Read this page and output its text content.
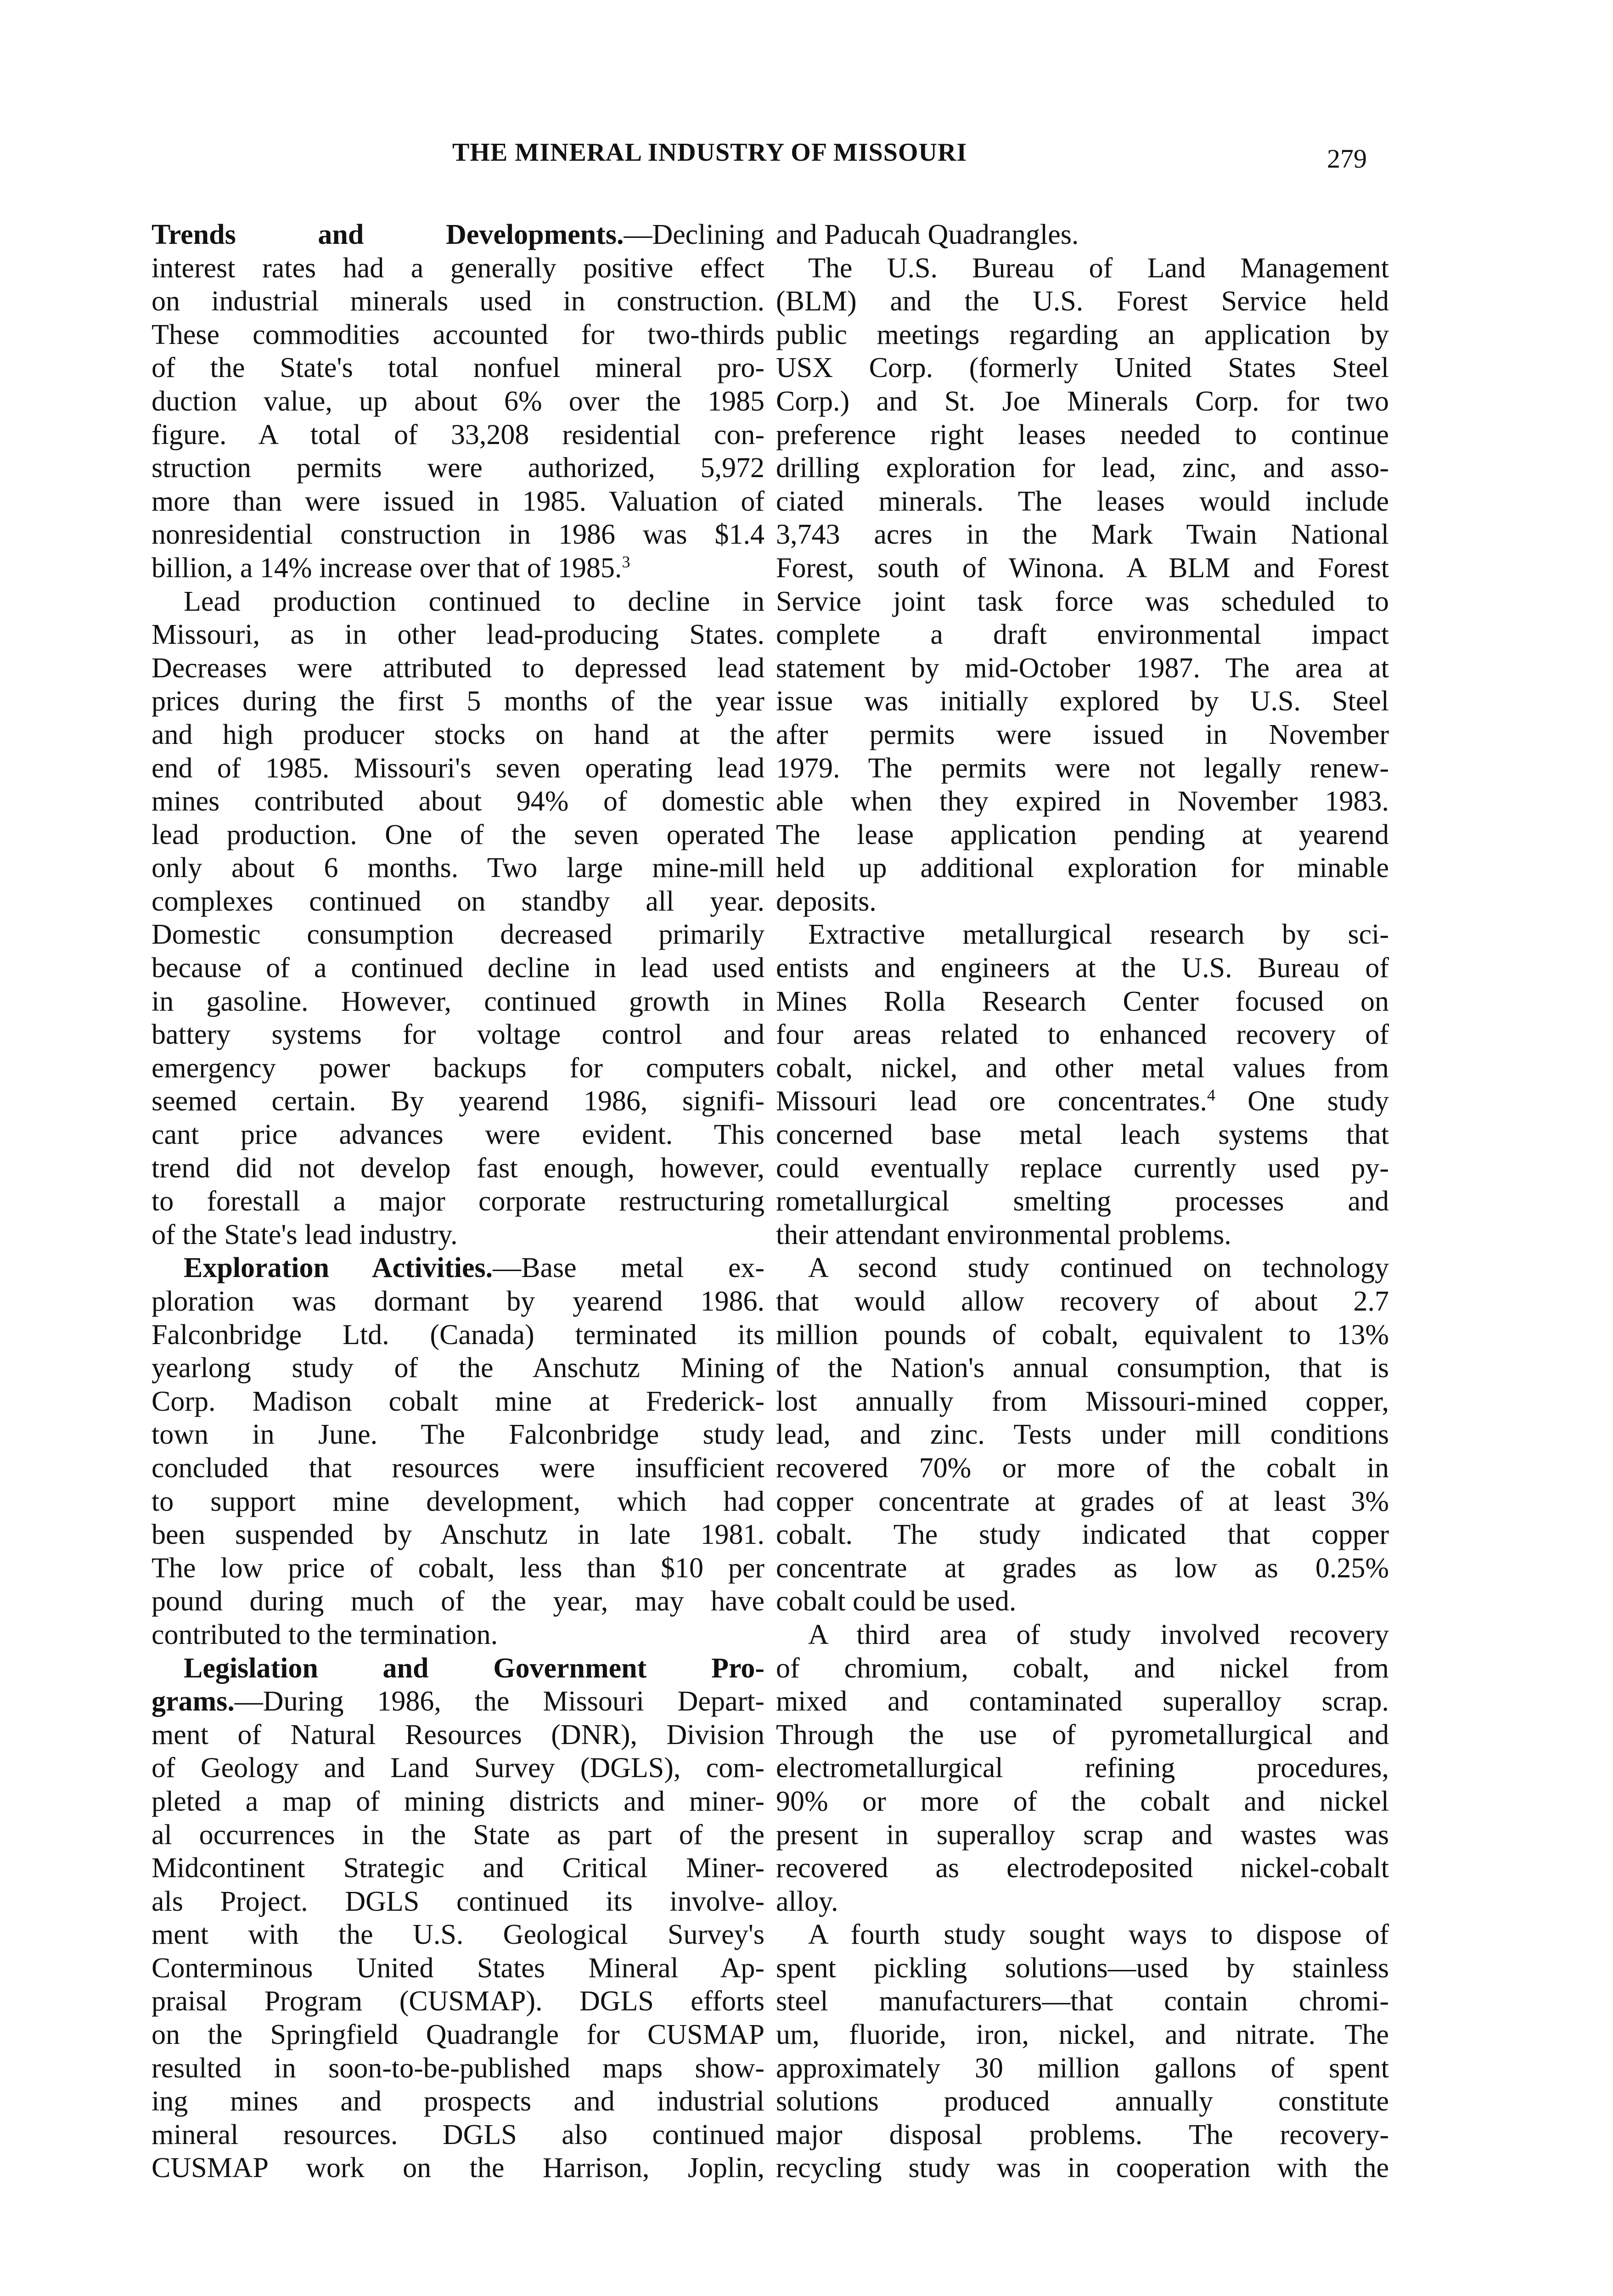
THE MINERAL INDUSTRY OF MISSOURI	279
Trends and Developments.—Declining
interest rates had a generally positive effect
on industrial minerals used in construction.
These commodities accounted for two-thirds
of the State's total nonfuel mineral pro-
duction value, up about 6% over the 1985
figure. A total of 33,208 residential con-
struction permits were authorized, 5,972
more than were issued in 1985. Valuation of
nonresidential construction in 1986 was $1.4
billion, a 14% increase over that of 1985.$^3$
Lead production continued to decline in
Missouri, as in other lead-producing States.
Decreases were attributed to depressed lead
prices during the first 5 months of the year
and high producer stocks on hand at the
end of 1985. Missouri's seven operating lead
mines contributed about 94% of domestic
lead production. One of the seven operated
only about 6 months. Two large mine-mill
complexes continued on standby all year.
Domestic consumption decreased primarily
because of a continued decline in lead used
in gasoline. However, continued growth in
battery systems for voltage control and
emergency power backups for computers
seemed certain. By yearend 1986, signifi-
cant price advances were evident. This
trend did not develop fast enough, however,
to forestall a major corporate restructuring
of the State's lead industry.
Exploration Activities.—Base metal ex-
ploration was dormant by yearend 1986.
Falconbridge Ltd. (Canada) terminated its
yearlong study of the Anschutz Mining
Corp. Madison cobalt mine at Frederick-
town in June. The Falconbridge study
concluded that resources were insufficient
to support mine development, which had
been suspended by Anschutz in late 1981.
The low price of cobalt, less than $10 per
pound during much of the year, may have
contributed to the termination.
Legislation and Government Pro-
grams.—During 1986, the Missouri Depart-
ment of Natural Resources (DNR), Division
of Geology and Land Survey (DGLS), com-
pleted a map of mining districts and miner-
al occurrences in the State as part of the
Midcontinent Strategic and Critical Miner-
als Project. DGLS continued its involve-
ment with the U.S. Geological Survey's
Conterminous United States Mineral Ap-
praisal Program (CUSMAP). DGLS efforts
on the Springfield Quadrangle for CUSMAP
resulted in soon-to-be-published maps show-
ing mines and prospects and industrial
mineral resources. DGLS also continued
CUSMAP work on the Harrison, Joplin,
and Paducah Quadrangles.
The U.S. Bureau of Land Management
(BLM) and the U.S. Forest Service held
public meetings regarding an application by
USX Corp. (formerly United States Steel
Corp.) and St. Joe Minerals Corp. for two
preference right leases needed to continue
drilling exploration for lead, zinc, and asso-
ciated minerals. The leases would include
3,743 acres in the Mark Twain National
Forest, south of Winona. A BLM and Forest
Service joint task force was scheduled to
complete a draft environmental impact
statement by mid-October 1987. The area at
issue was initially explored by U.S. Steel
after permits were issued in November
1979. The permits were not legally renew-
able when they expired in November 1983.
The lease application pending at yearend
held up additional exploration for minable
deposits.
Extractive metallurgical research by sci-
entists and engineers at the U.S. Bureau of
Mines Rolla Research Center focused on
four areas related to enhanced recovery of
cobalt, nickel, and other metal values from
Missouri lead ore concentrates.$^4$ One study
concerned base metal leach systems that
could eventually replace currently used py-
rometallurgical smelting processes and
their attendant environmental problems.
A second study continued on technology
that would allow recovery of about 2.7
million pounds of cobalt, equivalent to 13%
of the Nation's annual consumption, that is
lost annually from Missouri-mined copper,
lead, and zinc. Tests under mill conditions
recovered 70% or more of the cobalt in
copper concentrate at grades of at least 3%
cobalt. The study indicated that copper
concentrate at grades as low as 0.25%
cobalt could be used.
A third area of study involved recovery
of chromium, cobalt, and nickel from
mixed and contaminated superalloy scrap.
Through the use of pyrometallurgical and
electrometallurgical refining procedures,
90% or more of the cobalt and nickel
present in superalloy scrap and wastes was
recovered as electrodeposited nickel-cobalt
alloy.
A fourth study sought ways to dispose of
spent pickling solutions—used by stainless
steel manufacturers—that contain chromi-
um, fluoride, iron, nickel, and nitrate. The
approximately 30 million gallons of spent
solutions produced annually constitute
major disposal problems. The recovery-
recycling study was in cooperation with the
